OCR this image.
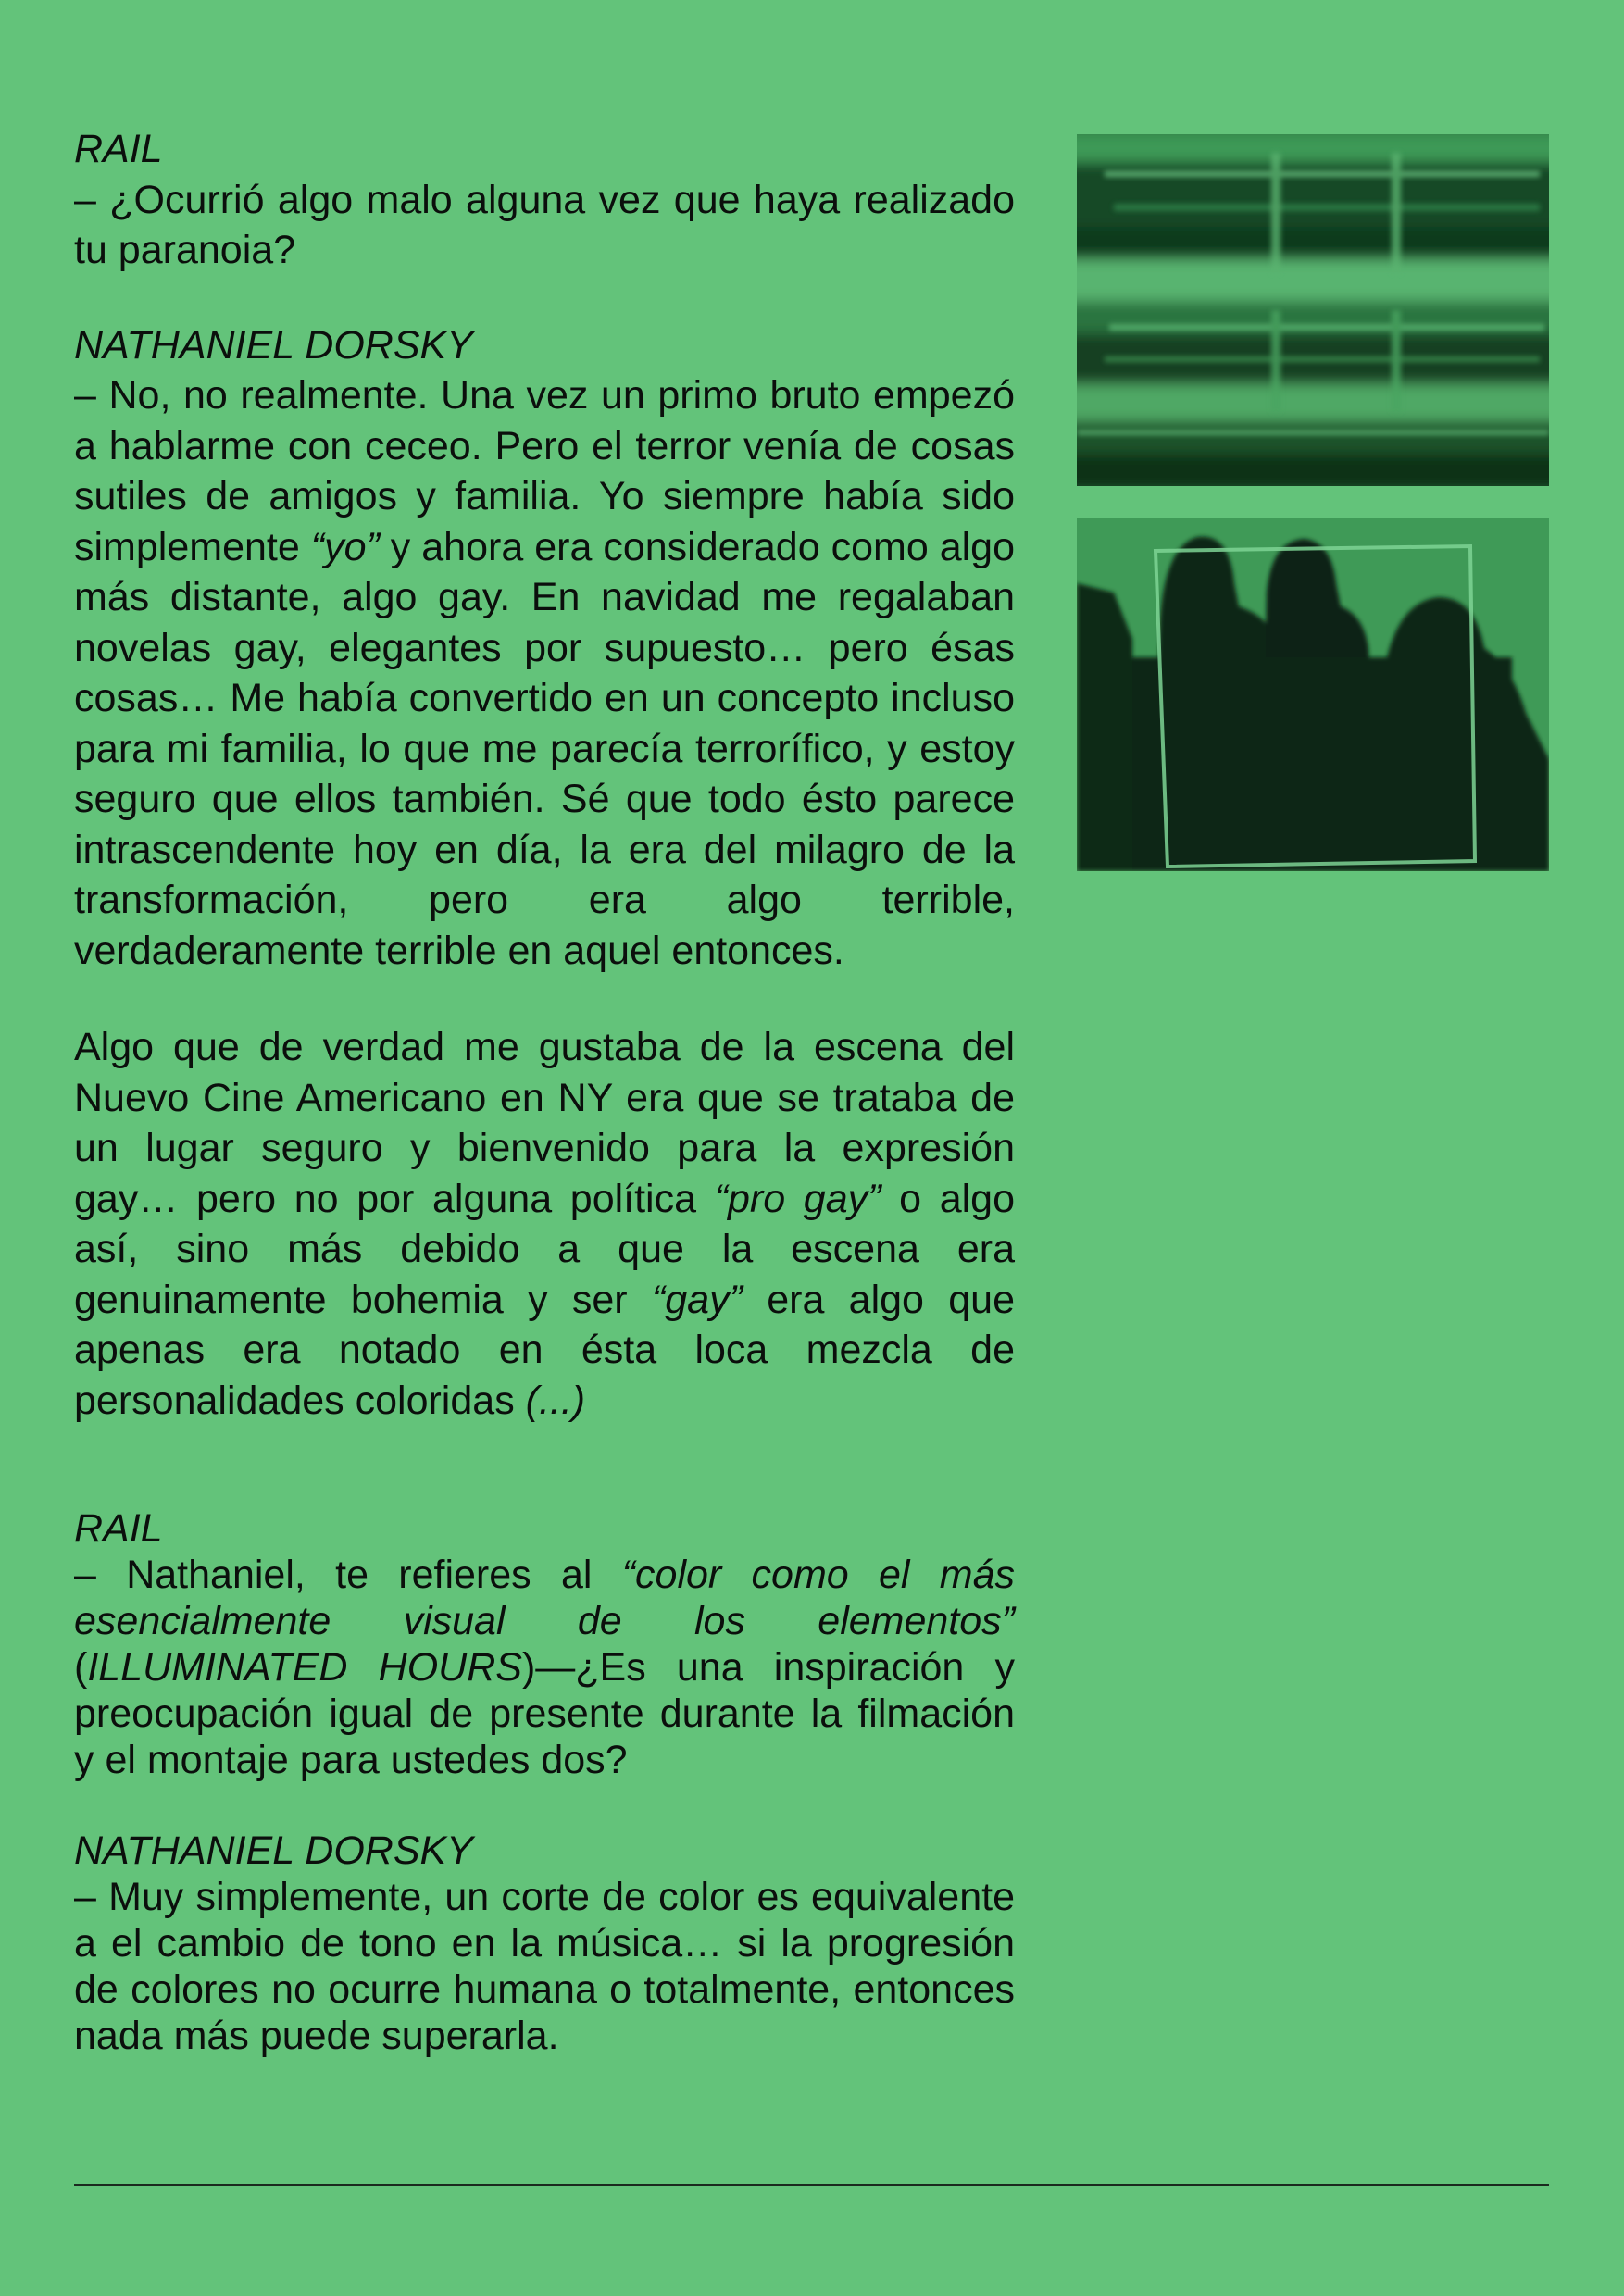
RAIL

– ¿Ocurrió algo malo alguna vez que haya realizado tu paranoia?

NATHANIEL DORSKY

– No, no realmente. Una vez un primo bruto empezó a hablarme con ceceo. Pero el terror venía de cosas sutiles de amigos y familia. Yo siempre había sido simplemente “yo” y ahora era considerado como algo más distante, algo gay. En navidad me regalaban novelas gay, elegantes por supuesto… pero ésas cosas… Me había convertido en un concepto incluso para mi familia, lo que me parecía terrorífico, y estoy seguro que ellos también. Sé que todo ésto parece intrascendente hoy en día, la era del milagro de la transformación, pero era algo terrible, verdaderamente terrible en aquel entonces.

Algo que de verdad me gustaba de la escena del Nuevo Cine Americano en NY era que se trataba de un lugar seguro y bienvenido para la expresión gay… pero no por alguna política “pro gay” o algo así, sino más debido a que la escena era genuinamente bohemia y ser “gay” era algo que apenas era notado en ésta loca mezcla de personalidades coloridas (...)

RAIL

– Nathaniel, te refieres al “color como el más esencialmente visual de los elementos” (ILLUMINATED HOURS)—¿Es una inspiración y preocupación igual de presente durante la filmación y el montaje para ustedes dos?

NATHANIEL DORSKY

– Muy simplemente, un corte de color es equivalente a el cambio de tono en la música… si la progresión de colores no ocurre humana o totalmente, entonces nada más puede superarla.
